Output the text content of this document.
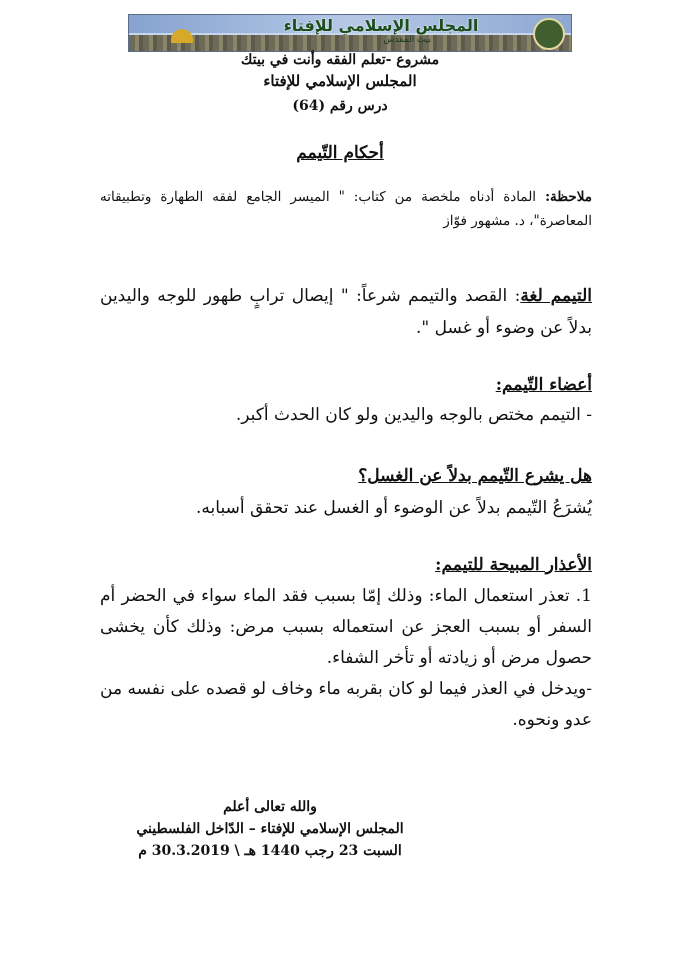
المجلس الإسلامي للإفتاء
بيت المقدس
مشروع -تعلم الفقه وأنت في بيتك
المجلس الإسلامي للإفتاء
درس رقم (64)
أحكام التّيمم
ملاحظة: المادة أدناه ملخصة من كتاب: " الميسر الجامع لفقه الطهارة وتطبيقاته المعاصرة"، د. مشهور فوّاز
التيمم لغة: القصد والتيمم شرعاً: " إيصال ترابٍ طهور للوجه واليدين بدلاً عن وضوء أو غسل ".
أعضاء التّيمم:
- التيمم مختص بالوجه واليدين ولو كان الحدث أكبر.
هل يشرع التّيمم بدلاً عن الغسل؟
يُشرَعُ التّيمم بدلاً عن الوضوء أو الغسل عند تحقق أسبابه.
الأعذار المبيحة للتيمم:
1. تعذر استعمال الماء: وذلك إمّا بسبب فقد الماء سواء في الحضر أم السفر أو بسبب العجز عن استعماله بسبب مرض: وذلك كأن يخشى حصول مرض أو زيادته أو تأخر الشفاء.
-ويدخل في العذر فيما لو كان بقربه ماء وخاف لو قصده على نفسه من عدو ونحوه.
والله تعالى أعلم
المجلس الإسلامي للإفتاء – الدّاخل الفلسطيني
السبت 23 رجب 1440 هـ \ 30.3.2019 م
